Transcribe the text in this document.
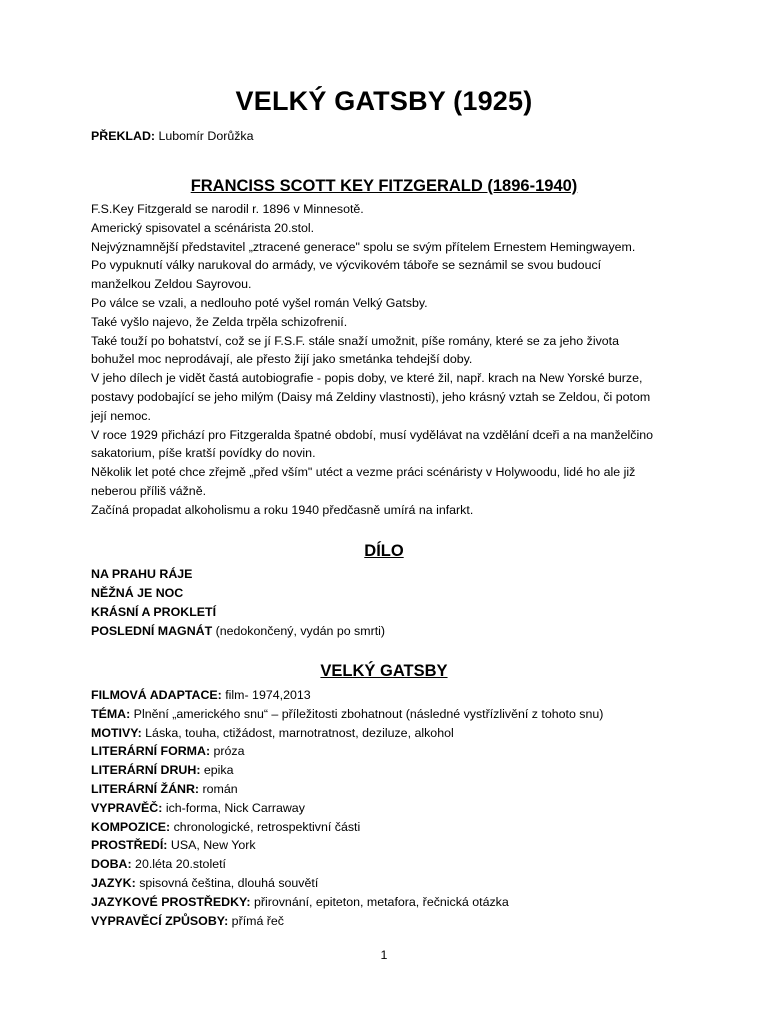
VELKÝ GATSBY (1925)
PŘEKLAD: Lubomír Dorůžka
FRANCISS SCOTT KEY FITZGERALD (1896-1940)
F.S.Key Fitzgerald se narodil r. 1896 v Minnesotě.
Americký spisovatel a scénárista 20.stol.
Nejvýznamnější představitel „ztracené generace" spolu se svým přítelem Ernestem Hemingwayem.
Po vypuknutí války narukoval do armády, ve výcvikovém táboře se seznámil se svou budoucí
manželkou Zeldou Sayrovou.
Po válce se vzali, a nedlouho poté vyšel román Velký Gatsby.
Také vyšlo najevo, že Zelda trpěla schizofrenií.
Také touží po bohatství, což se jí F.S.F. stále snaží umožnit, píše romány, které se za jeho života
bohužel moc neprodávají, ale přesto žijí jako smetánka tehdejší doby.
V jeho dílech je vidět častá autobiografie - popis doby, ve které žil, např. krach na New Yorské burze,
postavy podobající se jeho milým (Daisy má Zeldiny vlastnosti), jeho krásný vztah se Zeldou, či potom
její nemoc.
V roce 1929 přichází pro Fitzgeralda špatné období, musí vydělávat na vzdělání dceři a na manželčino
sakatorium, píše kratší povídky do novin.
Několik let poté chce zřejmě „před vším" utéct a vezme práci scénáristy v Holywoodu, lidé ho ale již
neberou příliš vážně.
Začíná propadat alkoholismu a roku 1940 předčasně umírá na infarkt.
DÍLO
NA PRAHU RÁJE
NĚŽNÁ JE NOC
KRÁSNÍ A PROKLETÍ
POSLEDNÍ MAGNÁT (nedokončený, vydán po smrti)
VELKÝ GATSBY
FILMOVÁ ADAPTACE: film- 1974,2013
TÉMA: Plnění „amerického snu“ – příležitosti zbohatnout (následné vystřízlivění z tohoto snu)
MOTIVY: Láska, touha, ctižádost, marnotratnost, deziluze, alkohol
LITERÁRNÍ FORMA: próza
LITERÁRNÍ DRUH: epika
LITERÁRNÍ ŽÁNR: román
VYPRAVĚČ: ich-forma, Nick Carraway
KOMPOZICE: chronologické, retrospektivní části
PROSTŘEDÍ: USA, New York
DOBA: 20.léta 20.století
JAZYK: spisovná čeština, dlouhá souvětí
JAZYKOVÉ PROSTŘEDKY: přirovnání, epiteton, metafora, řečnická otázka
VYPRAVĚCÍ ZPŮSOBY: přímá řeč
1
